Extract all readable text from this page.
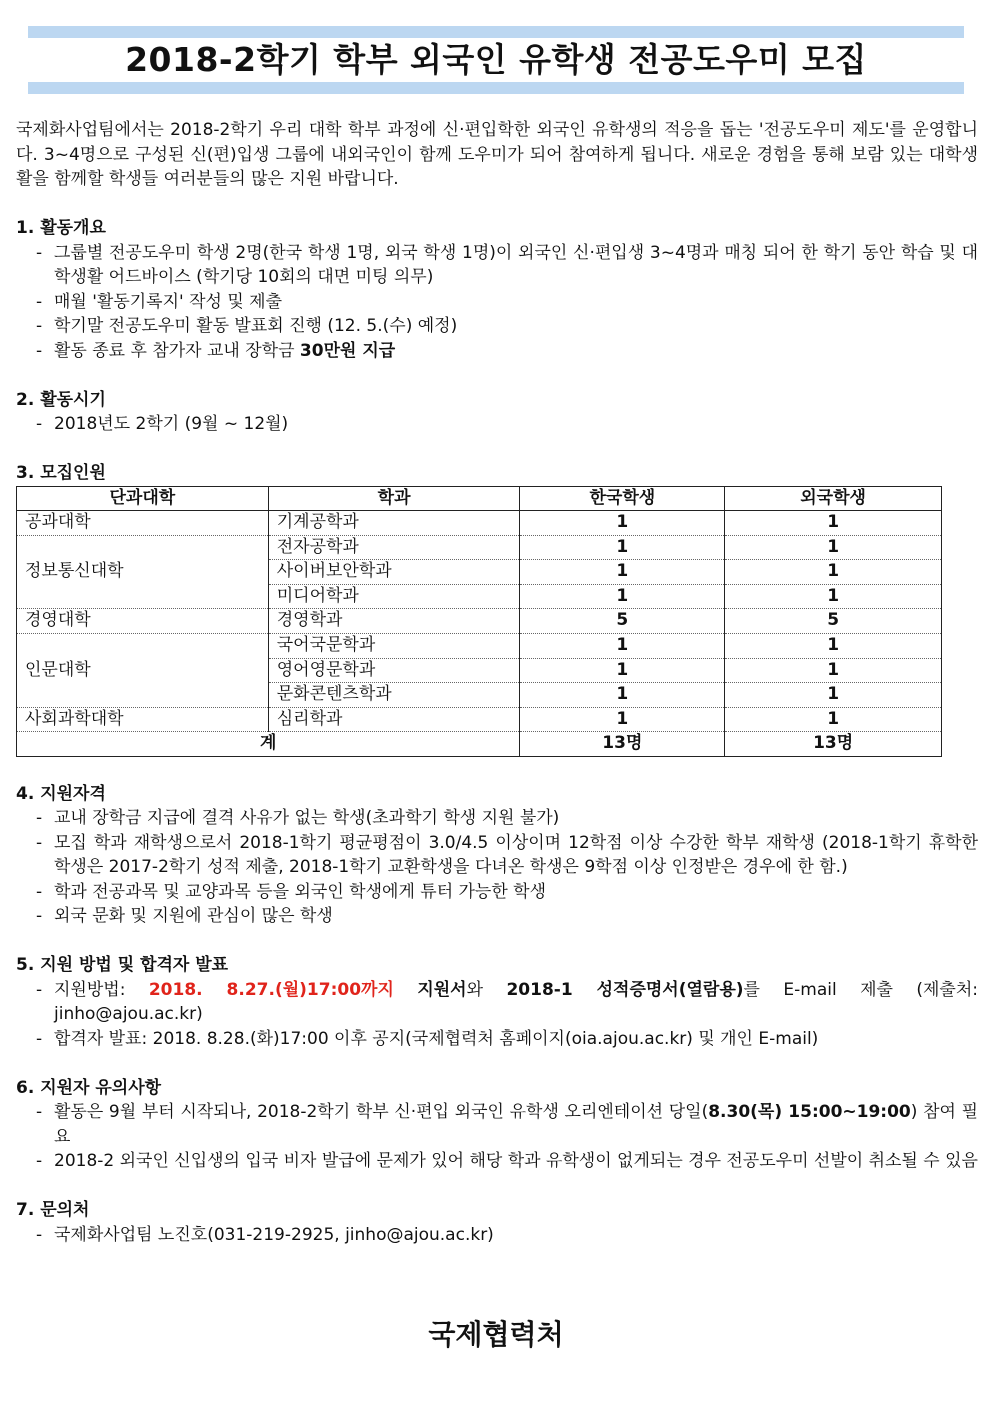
2018-2학기 학부 외국인 유학생 전공도우미 모집

국제화사업팀에서는 2018-2학기 우리 대학 학부 과정에 신·편입학한 외국인 유학생의 적응을 돕는 '전공도우미 제도'를 운영합니다. 3~4명으로 구성된 신(편)입생 그룹에 내외국인이 함께 도우미가 되어 참여하게 됩니다. 새로운 경험을 통해 보람 있는 대학생활을 함께할 학생들 여러분들의 많은 지원 바랍니다.

1. 활동개요
- 그룹별 전공도우미 학생 2명(한국 학생 1명, 외국 학생 1명)이 외국인 신·편입생 3~4명과 매칭 되어 한 학기 동안 학습 및 대학생활 어드바이스 (학기당 10회의 대면 미팅 의무)
- 매월 '활동기록지' 작성 및 제출
- 학기말 전공도우미 활동 발표회 진행 (12. 5.(수) 예정)
- 활동 종료 후 참가자 교내 장학금 30만원 지급
2. 활동시기
- 2018년도 2학기 (9월 ~ 12월)
3. 모집인원
단과대학	학과	한국학생	외국학생
공과대학	기계공학과	1	1
정보통신대학	전자공학과	1	1
	사이버보안학과	1	1
	미디어학과	1	1
경영대학	경영학과	5	5
인문대학	국어국문학과	1	1
	영어영문학과	1	1
	문화콘텐츠학과	1	1
사회과학대학	심리학과	1	1
계		13명	13명
4. 지원자격
- 교내 장학금 지급에 결격 사유가 없는 학생(초과학기 학생 지원 불가)
- 모집 학과 재학생으로서 2018-1학기 평균평점이 3.0/4.5 이상이며 12학점 이상 수강한 학부 재학생 (2018-1학기 휴학한 학생은 2017-2학기 성적 제출, 2018-1학기 교환학생을 다녀온 학생은 9학점 이상 인정받은 경우에 한 함.)
- 학과 전공과목 및 교양과목 등을 외국인 학생에게 튜터 가능한 학생
- 외국 문화 및 지원에 관심이 많은 학생
5. 지원 방법 및 합격자 발표
- 지원방법: 2018. 8.27.(월)17:00까지 지원서와 2018-1 성적증명서(열람용)를 E-mail 제출 (제출처: jinho@ajou.ac.kr)
- 합격자 발표: 2018. 8.28.(화)17:00 이후 공지(국제협력처 홈페이지(oia.ajou.ac.kr) 및 개인 E-mail)
6. 지원자 유의사항
- 활동은 9월 부터 시작되나, 2018-2학기 학부 신·편입 외국인 유학생 오리엔테이션 당일(8.30(목) 15:00~19:00) 참여 필요
- 2018-2 외국인 신입생의 입국 비자 발급에 문제가 있어 해당 학과 유학생이 없게되는 경우 전공도우미 선발이 취소될 수 있음
7. 문의처
- 국제화사업팀 노진호(031-219-2925, jinho@ajou.ac.kr)
국제협력처
